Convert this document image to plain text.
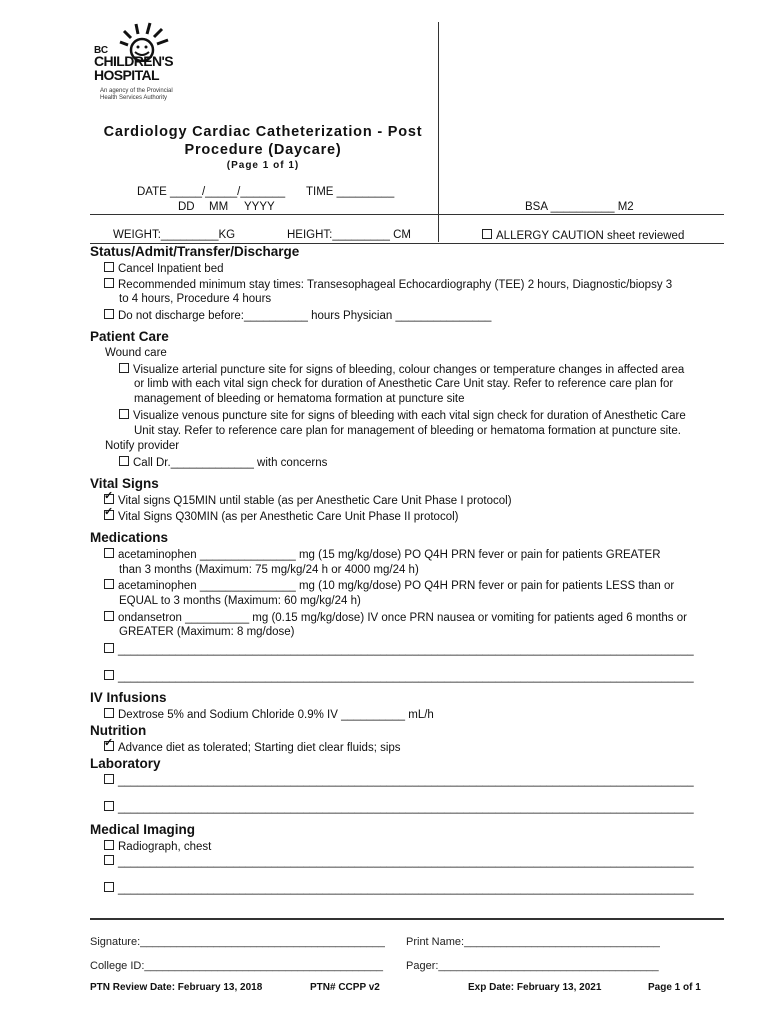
BC
CHILDREN'S
HOSPITAL
An agency of the Provincial Health Services Authority
Cardiology Cardiac Catheterization - Post
Procedure (Daycare)
(Page 1 of 1)
DATE _____/_____/_______ TIME _________
DD MM YYYY	BSA __________ M2
WEIGHT:_________KG	HEIGHT:_________ CM	ALLERGY CAUTION sheet reviewed
Status/Admit/Transfer/Discharge
Cancel Inpatient bed
Recommended minimum stay times: Transesophageal Echocardiography (TEE) 2 hours, Diagnostic/biopsy 3
to 4 hours, Procedure 4 hours
Do not discharge before:__________ hours Physician _______________
Patient Care
Wound care
Visualize arterial puncture site for signs of bleeding, colour changes or temperature changes in affected area
or limb with each vital sign check for duration of Anesthetic Care Unit stay. Refer to reference care plan for
management of bleeding or hematoma formation at puncture site
Visualize venous puncture site for signs of bleeding with each vital sign check for duration of Anesthetic Care
Unit stay. Refer to reference care plan for management of bleeding or hematoma formation at puncture site.
Notify provider
Call Dr._____________ with concerns
Vital Signs
✓Vital signs Q15MIN until stable (as per Anesthetic Care Unit Phase I protocol)
✓Vital Signs Q30MIN (as per Anesthetic Care Unit Phase II protocol)
Medications
acetaminophen _______________ mg (15 mg/kg/dose) PO Q4H PRN fever or pain for patients GREATER
than 3 months (Maximum: 75 mg/kg/24 h or 4000 mg/24 h)
acetaminophen _______________ mg (10 mg/kg/dose) PO Q4H PRN fever or pain for patients LESS than or
EQUAL to 3 months (Maximum: 60 mg/kg/24 h)
ondansetron __________ mg (0.15 mg/kg/dose) IV once PRN nausea or vomiting for patients aged 6 months or
GREATER (Maximum: 8 mg/dose)
__________________________________________________________________________________________
__________________________________________________________________________________________
IV Infusions
Dextrose 5% and Sodium Chloride 0.9% IV __________ mL/h
Nutrition
✓Advance diet as tolerated; Starting diet clear fluids; sips
Laboratory
__________________________________________________________________________________________
__________________________________________________________________________________________
Medical Imaging
Radiograph, chest
__________________________________________________________________________________________
__________________________________________________________________________________________
Signature:________________________________________ Print Name:________________________________
College ID:_______________________________________ Pager:____________________________________
PTN Review Date: February 13, 2018	PTN# CCPP v2	Exp Date: February 13, 2021	Page 1 of 1
